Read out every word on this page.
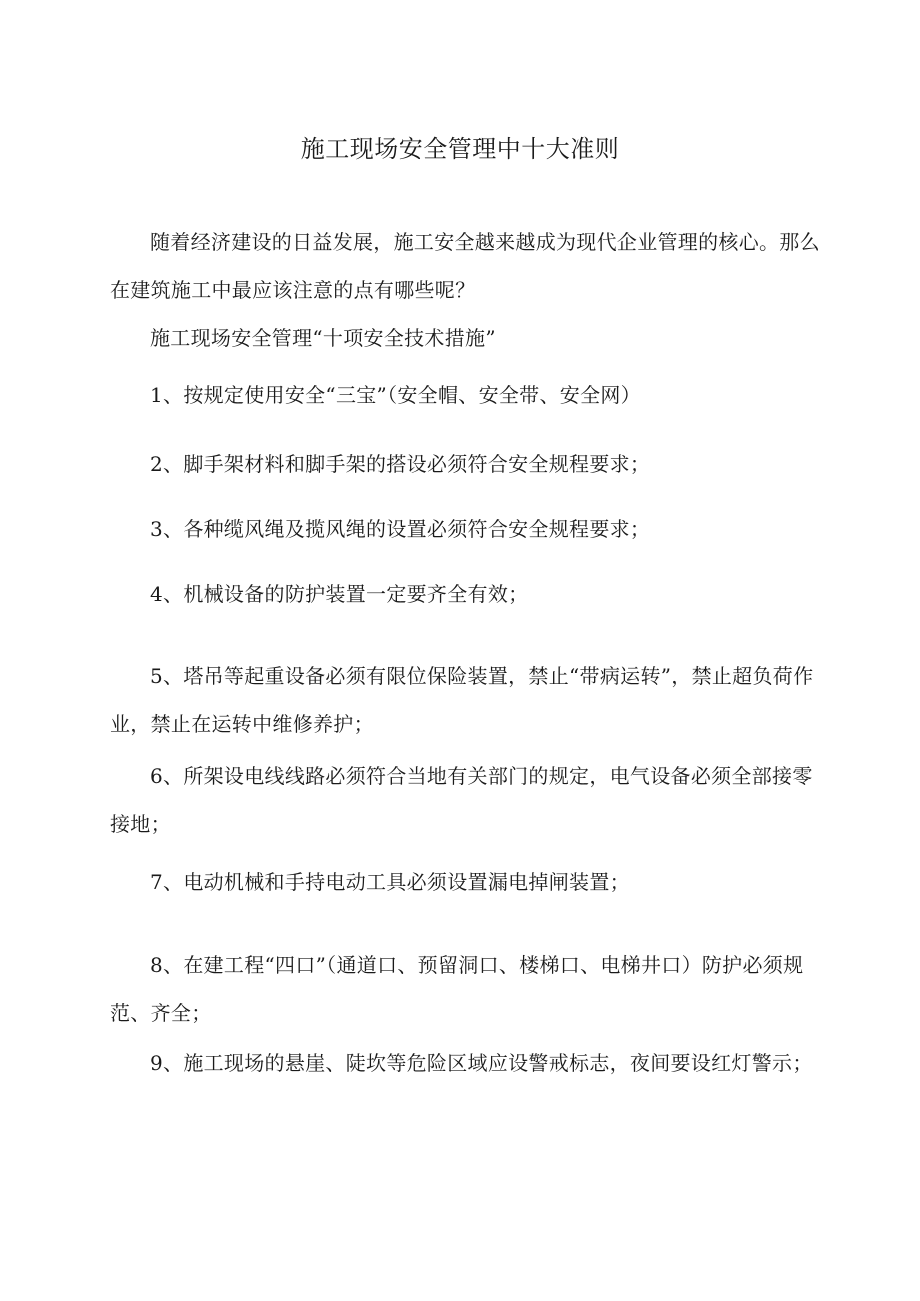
施工现场安全管理中十大准则

随着经济建设的日益发展，施工安全越来越成为现代企业管理的核心。那么在建筑施工中最应该注意的点有哪些呢？

施工现场安全管理“十项安全技术措施”

1、按规定使用安全“三宝”（安全帽、安全带、安全网）

2、脚手架材料和脚手架的搭设必须符合安全规程要求；

3、各种缆风绳及揽风绳的设置必须符合安全规程要求；

4、机械设备的防护装置一定要齐全有效；

5、塔吊等起重设备必须有限位保险装置，禁止“带病运转”，禁止超负荷作业，禁止在运转中维修养护；

6、所架设电线线路必须符合当地有关部门的规定，电气设备必须全部接零接地；

7、电动机械和手持电动工具必须设置漏电掉闸装置；

8、在建工程“四口”（通道口、预留洞口、楼梯口、电梯井口）防护必须规范、齐全；

9、施工现场的悬崖、陡坎等危险区域应设警戒标志，夜间要设红灯警示；
